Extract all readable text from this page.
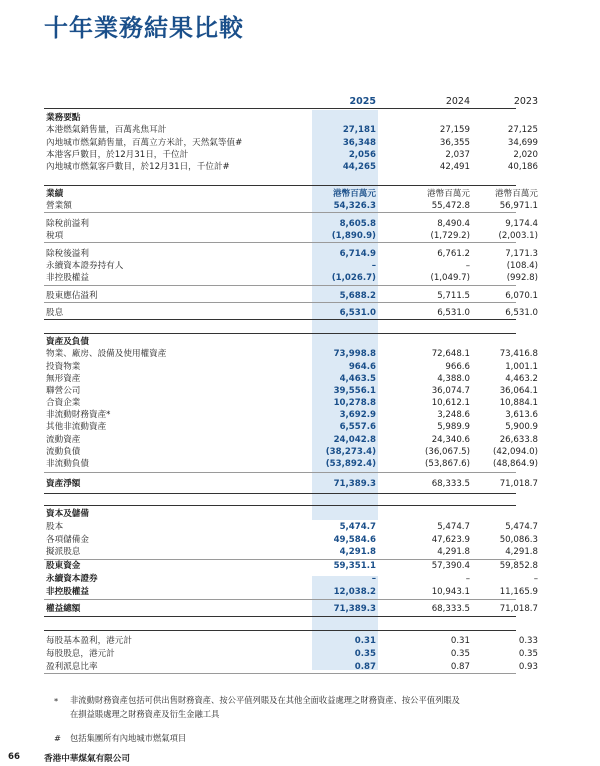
十年業務結果比較
2025	2024	2023
業務要點
本港燃氣銷售量，百萬兆焦耳計	27,181	27,159	27,125
內地城市燃氣銷售量，百萬立方米計，天然氣等值#	36,348	36,355	34,699
本港客戶數目，於12月31日，千位計	2,056	2,037	2,020
內地城市燃氣客戶數目，於12月31日，千位計#	44,265	42,491	40,186
業績	港幣百萬元	港幣百萬元	港幣百萬元
營業額	54,326.3	55,472.8	56,971.1
除稅前溢利	8,605.8	8,490.4	9,174.4
稅項	(1,890.9)	(1,729.2)	(2,003.1)
除稅後溢利	6,714.9	6,761.2	7,171.3
永續資本證券持有人	–	–	(108.4)
非控股權益	(1,026.7)	(1,049.7)	(992.8)
股東應佔溢利	5,688.2	5,711.5	6,070.1
股息	6,531.0	6,531.0	6,531.0
資產及負債
物業、廠房、設備及使用權資產	73,998.8	72,648.1	73,416.8
投資物業	964.6	966.6	1,001.1
無形資產	4,463.5	4,388.0	4,463.2
聯營公司	39,556.1	36,074.7	36,064.1
合資企業	10,278.8	10,612.1	10,884.1
非流動財務資產*	3,692.9	3,248.6	3,613.6
其他非流動資產	6,557.6	5,989.9	5,900.9
流動資產	24,042.8	24,340.6	26,633.8
流動負債	(38,273.4)	(36,067.5)	(42,094.0)
非流動負債	(53,892.4)	(53,867.6)	(48,864.9)
資產淨額	71,389.3	68,333.5	71,018.7
資本及儲備
股本	5,474.7	5,474.7	5,474.7
各項儲備金	49,584.6	47,623.9	50,086.3
擬派股息	4,291.8	4,291.8	4,291.8
股東資金	59,351.1	57,390.4	59,852.8
永續資本證券	–	–	–
非控股權益	12,038.2	10,943.1	11,165.9
權益總額	71,389.3	68,333.5	71,018.7
每股基本盈利，港元計	0.31	0.31	0.33
每股股息，港元計	0.35	0.35	0.35
盈利派息比率	0.87	0.87	0.93
* 非流動財務資產包括可供出售財務資產、按公平值列賬及在其他全面收益處理之財務資產、按公平值列賬及
在損益賬處理之財務資產及衍生金融工具
# 包括集團所有內地城市燃氣項目
66	香港中華煤氣有限公司
